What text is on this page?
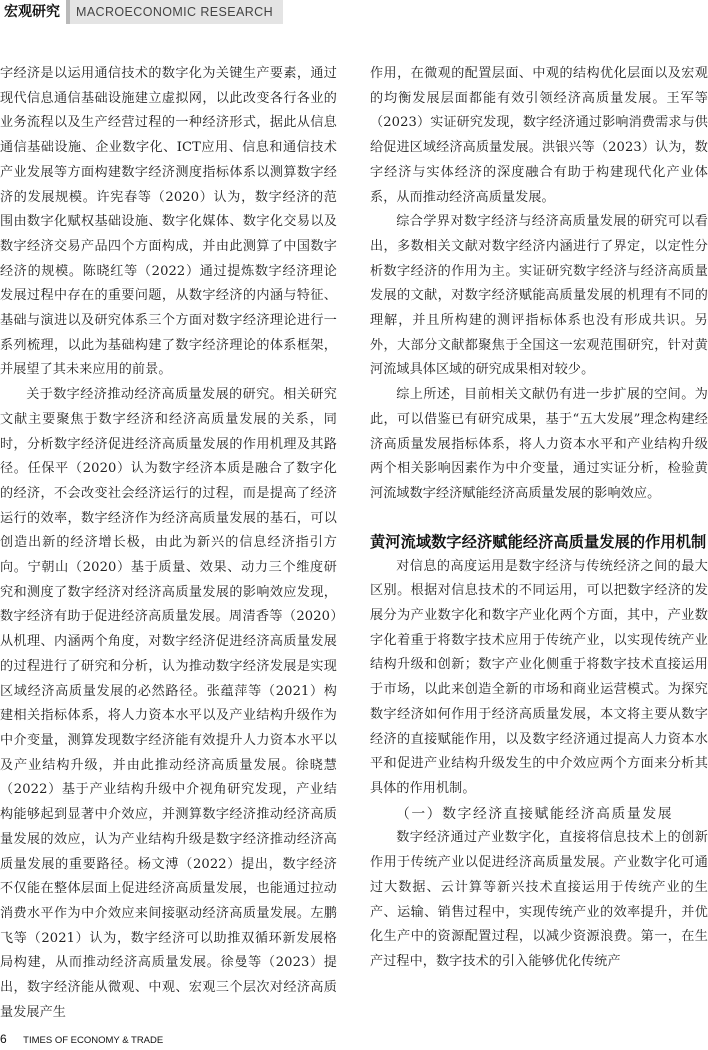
宏观研究	MACROECONOMIC RESEARCH

字经济是以运用通信技术的数字化为关键生产要素，通过现代信息通信基础设施建立虚拟网，以此改变各行各业的业务流程以及生产经营过程的一种经济形式，据此从信息通信基础设施、企业数字化、ICT应用、信息和通信技术产业发展等方面构建数字经济测度指标体系以测算数字经济的发展规模。许宪春等（2020）认为，数字经济的范围由数字化赋权基础设施、数字化媒体、数字化交易以及数字经济交易产品四个方面构成，并由此测算了中国数字经济的规模。陈晓红等（2022）通过提炼数字经济理论发展过程中存在的重要问题，从数字经济的内涵与特征、基础与演进以及研究体系三个方面对数字经济理论进行一系列梳理，以此为基础构建了数字经济理论的体系框架，并展望了其未来应用的前景。

关于数字经济推动经济高质量发展的研究。相关研究文献主要聚焦于数字经济和经济高质量发展的关系，同时，分析数字经济促进经济高质量发展的作用机理及其路径。任保平（2020）认为数字经济本质是融合了数字化的经济，不会改变社会经济运行的过程，而是提高了经济运行的效率，数字经济作为经济高质量发展的基石，可以创造出新的经济增长极，由此为新兴的信息经济指引方向。宁朝山（2020）基于质量、效果、动力三个维度研究和测度了数字经济对经济高质量发展的影响效应发现，数字经济有助于促进经济高质量发展。周清香等（2020）从机理、内涵两个角度，对数字经济促进经济高质量发展的过程进行了研究和分析，认为推动数字经济发展是实现区域经济高质量发展的必然路径。张蕴萍等（2021）构建相关指标体系，将人力资本水平以及产业结构升级作为中介变量，测算发现数字经济能有效提升人力资本水平以及产业结构升级，并由此推动经济高质量发展。徐晓慧（2022）基于产业结构升级中介视角研究发现，产业结构能够起到显著中介效应，并测算数字经济推动经济高质量发展的效应，认为产业结构升级是数字经济推动经济高质量发展的重要路径。杨文溥（2022）提出，数字经济不仅能在整体层面上促进经济高质量发展，也能通过拉动消费水平作为中介效应来间接驱动经济高质量发展。左鹏飞等（2021）认为，数字经济可以助推双循环新发展格局构建，从而推动经济高质量发展。徐曼等（2023）提出，数字经济能从微观、中观、宏观三个层次对经济高质量发展产生

作用，在微观的配置层面、中观的结构优化层面以及宏观的均衡发展层面都能有效引领经济高质量发展。王军等（2023）实证研究发现，数字经济通过影响消费需求与供给促进区域经济高质量发展。洪银兴等（2023）认为，数字经济与实体经济的深度融合有助于构建现代化产业体系，从而推动经济高质量发展。

综合学界对数字经济与经济高质量发展的研究可以看出，多数相关文献对数字经济内涵进行了界定，以定性分析数字经济的作用为主。实证研究数字经济与经济高质量发展的文献，对数字经济赋能高质量发展的机理有不同的理解，并且所构建的测评指标体系也没有形成共识。另外，大部分文献都聚焦于全国这一宏观范围研究，针对黄河流域具体区域的研究成果相对较少。

综上所述，目前相关文献仍有进一步扩展的空间。为此，可以借鉴已有研究成果，基于“五大发展”理念构建经济高质量发展指标体系，将人力资本水平和产业结构升级两个相关影响因素作为中介变量，通过实证分析，检验黄河流域数字经济赋能经济高质量发展的影响效应。

黄河流域数字经济赋能经济高质量发展的作用机制

对信息的高度运用是数字经济与传统经济之间的最大区别。根据对信息技术的不同运用，可以把数字经济的发展分为产业数字化和数字产业化两个方面，其中，产业数字化着重于将数字技术应用于传统产业，以实现传统产业结构升级和创新；数字产业化侧重于将数字技术直接运用于市场，以此来创造全新的市场和商业运营模式。为探究数字经济如何作用于经济高质量发展，本文将主要从数字经济的直接赋能作用，以及数字经济通过提高人力资本水平和促进产业结构升级发生的中介效应两个方面来分析其具体的作用机制。

（一）数字经济直接赋能经济高质量发展

数字经济通过产业数字化，直接将信息技术上的创新作用于传统产业以促进经济高质量发展。产业数字化可通过大数据、云计算等新兴技术直接运用于传统产业的生产、运输、销售过程中，实现传统产业的效率提升，并优化生产中的资源配置过程，以减少资源浪费。第一，在生产过程中，数字技术的引入能够优化传统产

6 TIMES OF ECONOMY & TRADE
